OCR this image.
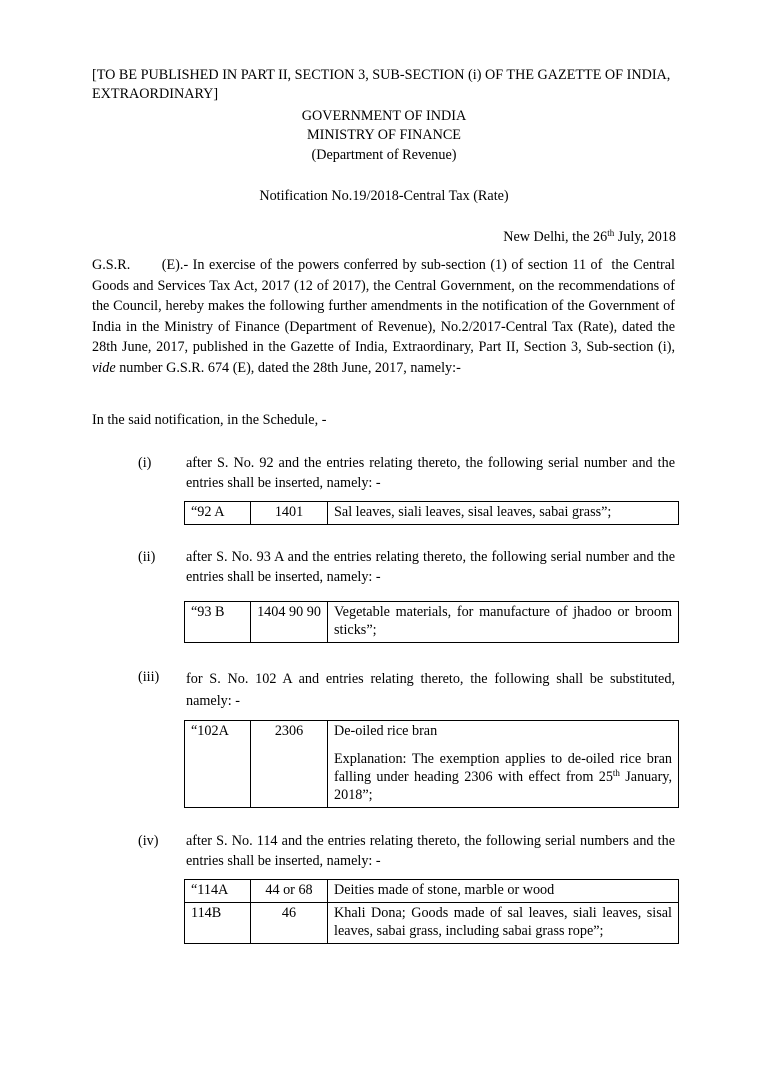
[TO BE PUBLISHED IN PART II, SECTION 3, SUB-SECTION (i) OF THE GAZETTE OF INDIA, EXTRAORDINARY]
GOVERNMENT OF INDIA
MINISTRY OF FINANCE
(Department of Revenue)
Notification No.19/2018-Central Tax (Rate)
New Delhi, the 26th July, 2018
G.S.R.       (E).- In exercise of the powers conferred by sub-section (1) of section 11 of  the Central Goods and Services Tax Act, 2017 (12 of 2017), the Central Government, on the recommendations of the Council, hereby makes the following further amendments in the notification of the Government of India in the Ministry of Finance (Department of Revenue), No.2/2017-Central Tax (Rate), dated the 28th June, 2017, published in the Gazette of India, Extraordinary, Part II, Section 3, Sub-section (i), vide number G.S.R. 674 (E), dated the 28th June, 2017, namely:-
In the said notification, in the Schedule, -
(i) after S. No. 92 and the entries relating thereto, the following serial number and the entries shall be inserted, namely: -
“92 A	1401	Sal leaves, siali leaves, sisal leaves, sabai grass”;
(ii) after S. No. 93 A and the entries relating thereto, the following serial number and the entries shall be inserted, namely: -
“93 B	1404 90 90	Vegetable materials, for manufacture of jhadoo or broom sticks”;
(iii) for S. No. 102 A and entries relating thereto, the following shall be substituted, namely: -
“102A	2306	De-oiled rice bran
Explanation: The exemption applies to de-oiled rice bran falling under heading 2306 with effect from 25th January, 2018”;
(iv) after S. No. 114 and the entries relating thereto, the following serial numbers and the entries shall be inserted, namely: -
“114A	44 or 68	Deities made of stone, marble or wood
114B	46	Khali Dona; Goods made of sal leaves, siali leaves, sisal leaves, sabai grass, including sabai grass rope”;
